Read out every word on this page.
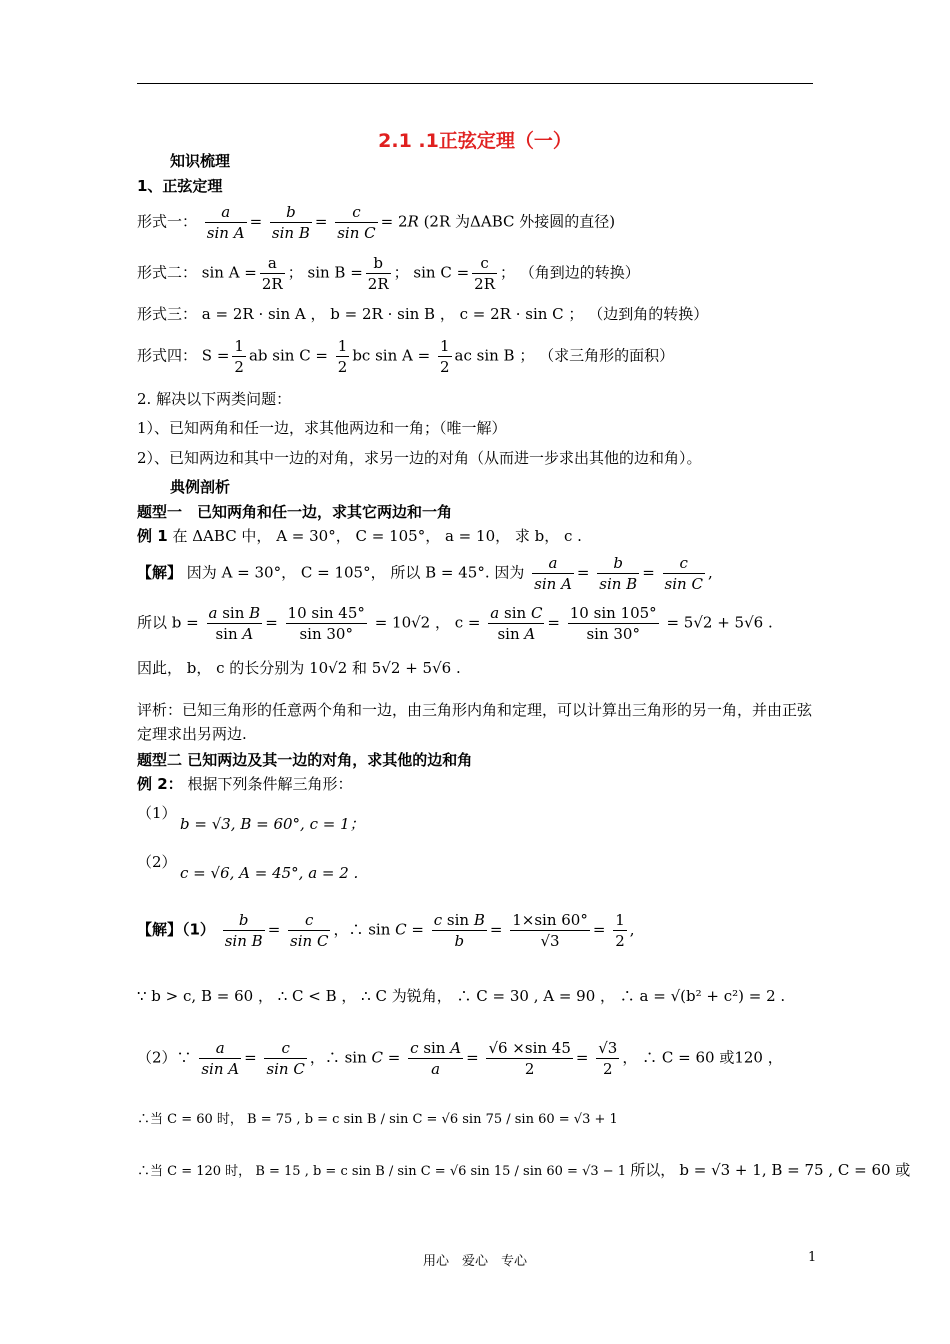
2.1 .1正弦定理（一）
知识梳理
1、正弦定理
形式一： $\frac{a}{\text{sin A}} = \frac{b}{\text{sin B}} = \frac{c}{\text{sin C}} = 2R$ (2R 为ΔABC 外接圆的直径)
形式二： $\sin A = \frac{a}{2R}$ ； $\sin B = \frac{b}{2R}$ ； $\sin C = \frac{c}{2R}$ ； （角到边的转换）
形式三： a = 2R · sin A ， b = 2R · sin B ， c = 2R · sin C ； （边到角的转换）
形式四： $S = \frac{1}{2}$ ab $\sin C = \frac{1}{2}$ bc $\sin A = \frac{1}{2}$ ac sin B ； （求三角形的面积）
2. 解决以下两类问题：
1）、已知两角和任一边，求其他两边和一角；（唯一解）
2）、已知两边和其中一边的对角，求另一边的对角（从而进一步求出其他的边和角）。
典例剖析
题型一　已知两角和任一边，求其它两边和一角
例 1 在 ΔABC 中， A = 30°， C = 105°， a = 10， 求 b， c .
【解】 因为 A = 30°， C = 105°， 所以 B = 45°. 因为 $\frac{a}{\text{sin A}} = \frac{b}{\text{sin B}} = \frac{c}{\text{sin C}}$ ,
所以 $b = \frac{\text{a sin B}}{\text{sin A}} = \frac{10 \sin 45^\circ}{\sin 30^\circ} = 10√2$ ， $c = \frac{\text{a sin C}}{\text{sin A}} = \frac{10 \sin 105^\circ}{\sin 30^\circ} = 5√2 + 5√6$ .
因此， b， c 的长分别为 10√2 和 5√2 + 5√6 .
评析：已知三角形的任意两个角和一边，由三角形内角和定理，可以计算出三角形的另一角，并由正弦定理求出另两边.
题型二 已知两边及其一边的对角，求其他的边和角
例 2： 根据下列条件解三角形：
（1）
b = √3, B = 60°, c = 1；
（2）
c = √6, A = 45°, a = 2 .
【解】$(1) \frac{b}{\text{sin B}} = \frac{c}{\text{sin C}}$ ，∴ $\sin C = \frac{\text{c sin B}}{b} = \frac{1\times\sin 60^\circ}{√3} = \frac{1}{2}$ ,
∵ b > c, B = 60 ， ∴ C < B ， ∴ C 为锐角， ∴ C = 30 , A = 90 ， ∴ a = √(b² + c²) = 2 .
（2）∵ $\frac{a}{\text{sin A}} = \frac{c}{\text{sin C}}$ ，∴ $\sin C = \frac{\text{c sin A}}{a} = \frac{√6 \times\sin 45}{2} = \frac{√3}{2}$ ， ∴ C = 60 或120 ，
∴当 C = 60 时， B = 75 , b = c sin B / sin C = √6 sin 75 / sin 60 = √3 + 1
∴当 C = 120 时， B = 15 , b = c sin B / sin C = √6 sin 15 / sin 60 = √3 − 1 所以， b = √3 + 1, B = 75 , C = 60 或
用心　爱心　专心	1
